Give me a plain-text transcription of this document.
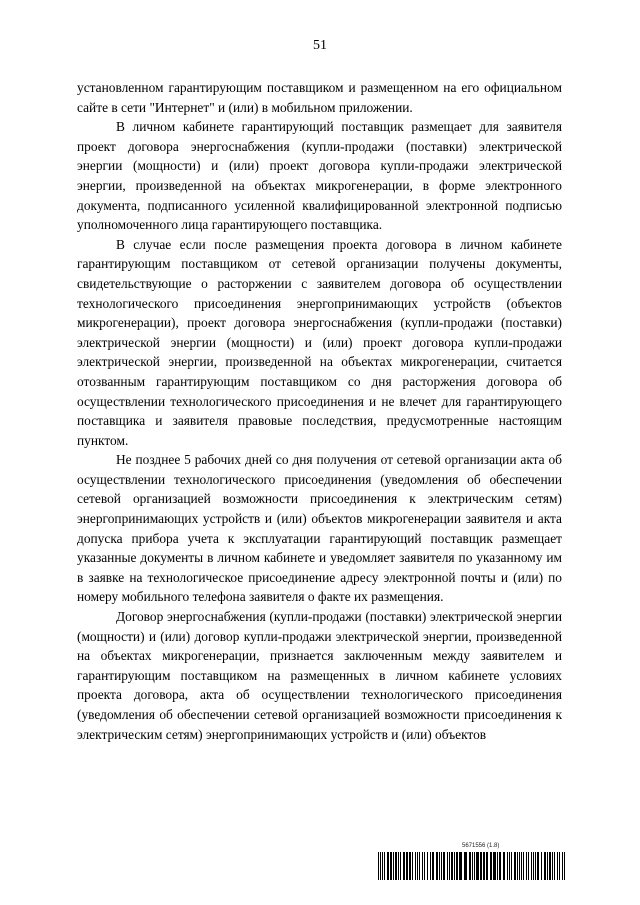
51

установленном гарантирующим поставщиком и размещенном на его официальном сайте в сети "Интернет" и (или) в мобильном приложении.

В личном кабинете гарантирующий поставщик размещает для заявителя проект договора энергоснабжения (купли-продажи (поставки) электрической энергии (мощности) и (или) проект договора купли-продажи электрической энергии, произведенной на объектах микрогенерации, в форме электронного документа, подписанного усиленной квалифицированной электронной подписью уполномоченного лица гарантирующего поставщика.

В случае если после размещения проекта договора в личном кабинете гарантирующим поставщиком от сетевой организации получены документы, свидетельствующие о расторжении с заявителем договора об осуществлении технологического присоединения энергопринимающих устройств (объектов микрогенерации), проект договора энергоснабжения (купли-продажи (поставки) электрической энергии (мощности) и (или) проект договора купли-продажи электрической энергии, произведенной на объектах микрогенерации, считается отозванным гарантирующим поставщиком со дня расторжения договора об осуществлении технологического присоединения и не влечет для гарантирующего поставщика и заявителя правовые последствия, предусмотренные настоящим пунктом.

Не позднее 5 рабочих дней со дня получения от сетевой организации акта об осуществлении технологического присоединения (уведомления об обеспечении сетевой организацией возможности присоединения к электрическим сетям) энергопринимающих устройств и (или) объектов микрогенерации заявителя и акта допуска прибора учета к эксплуатации гарантирующий поставщик размещает указанные документы в личном кабинете и уведомляет заявителя по указанному им в заявке на технологическое присоединение адресу электронной почты и (или) по номеру мобильного телефона заявителя о факте их размещения.

Договор энергоснабжения (купли-продажи (поставки) электрической энергии (мощности) и (или) договор купли-продажи электрической энергии, произведенной на объектах микрогенерации, признается заключенным между заявителем и гарантирующим поставщиком на размещенных в личном кабинете условиях проекта договора, акта об осуществлении технологического присоединения (уведомления об обеспечении сетевой организацией возможности присоединения к электрическим сетям) энергопринимающих устройств и (или) объектов

5671556 (1.8)
